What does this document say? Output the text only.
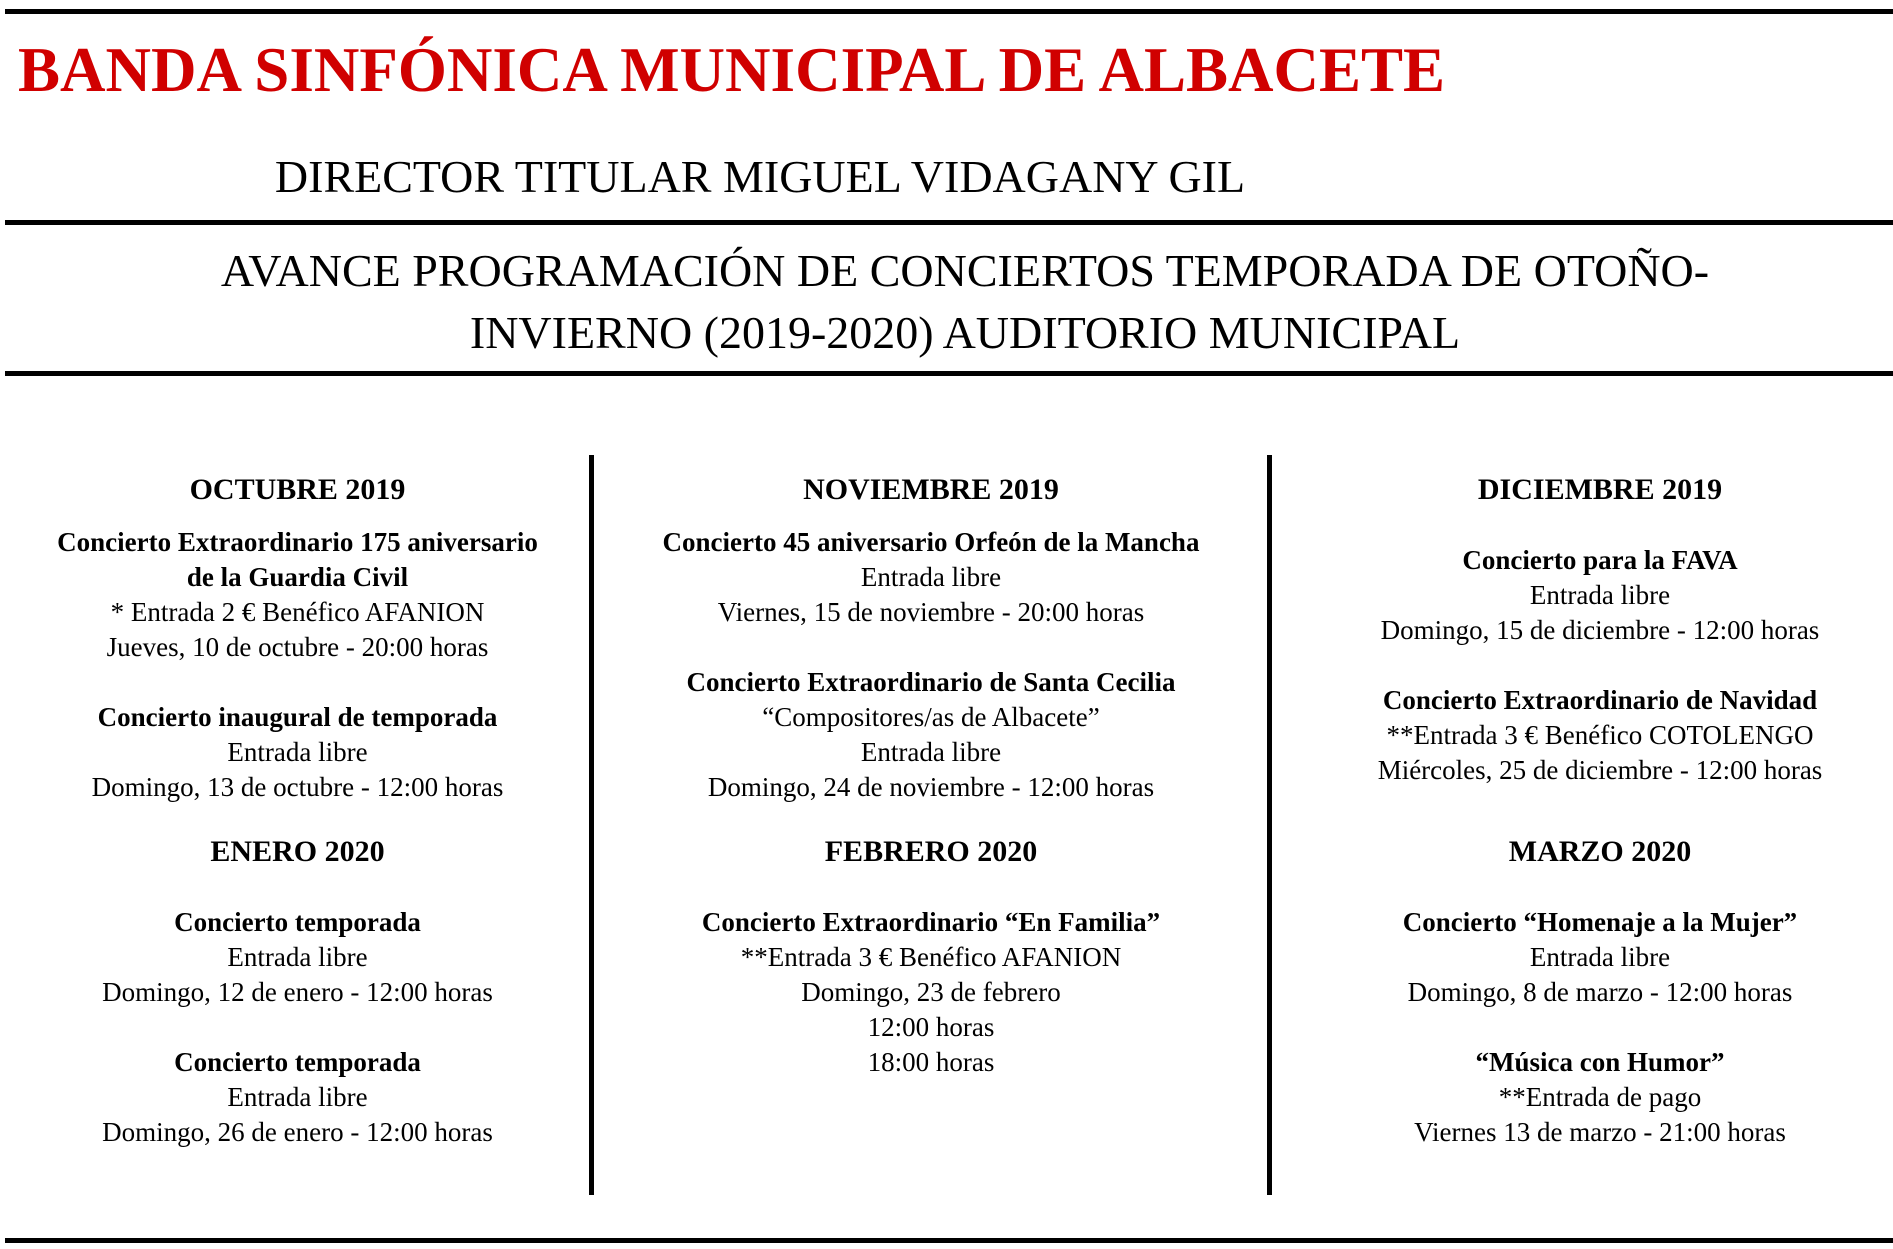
BANDA SINFÓNICA MUNICIPAL DE ALBACETE
DIRECTOR TITULAR MIGUEL VIDAGANY GIL
AVANCE PROGRAMACIÓN DE CONCIERTOS TEMPORADA DE OTOÑO-
INVIERNO (2019-2020) AUDITORIO MUNICIPAL
OCTUBRE 2019
Concierto Extraordinario 175 aniversario
de la Guardia Civil
* Entrada 2 € Benéfico AFANION
Jueves, 10 de octubre - 20:00 horas
Concierto inaugural de temporada
Entrada libre
Domingo, 13 de octubre - 12:00 horas
NOVIEMBRE 2019
Concierto 45 aniversario Orfeón de la Mancha
Entrada libre
Viernes, 15 de noviembre - 20:00 horas
Concierto Extraordinario de Santa Cecilia
“Compositores/as de Albacete”
Entrada libre
Domingo, 24 de noviembre - 12:00 horas
DICIEMBRE 2019
Concierto para la FAVA
Entrada libre
Domingo, 15 de diciembre - 12:00 horas
Concierto Extraordinario de Navidad
**Entrada 3 € Benéfico COTOLENGO
Miércoles, 25 de diciembre - 12:00 horas
ENERO 2020
Concierto temporada
Entrada libre
Domingo, 12 de enero - 12:00 horas
Concierto temporada
Entrada libre
Domingo, 26 de enero - 12:00 horas
FEBRERO 2020
Concierto Extraordinario “En Familia”
**Entrada 3 € Benéfico AFANION
Domingo, 23 de febrero
12:00 horas
18:00 horas
MARZO 2020
Concierto “Homenaje a la Mujer”
Entrada libre
Domingo, 8 de marzo - 12:00 horas
“Música con Humor”
**Entrada de pago
Viernes 13 de marzo - 21:00 horas
